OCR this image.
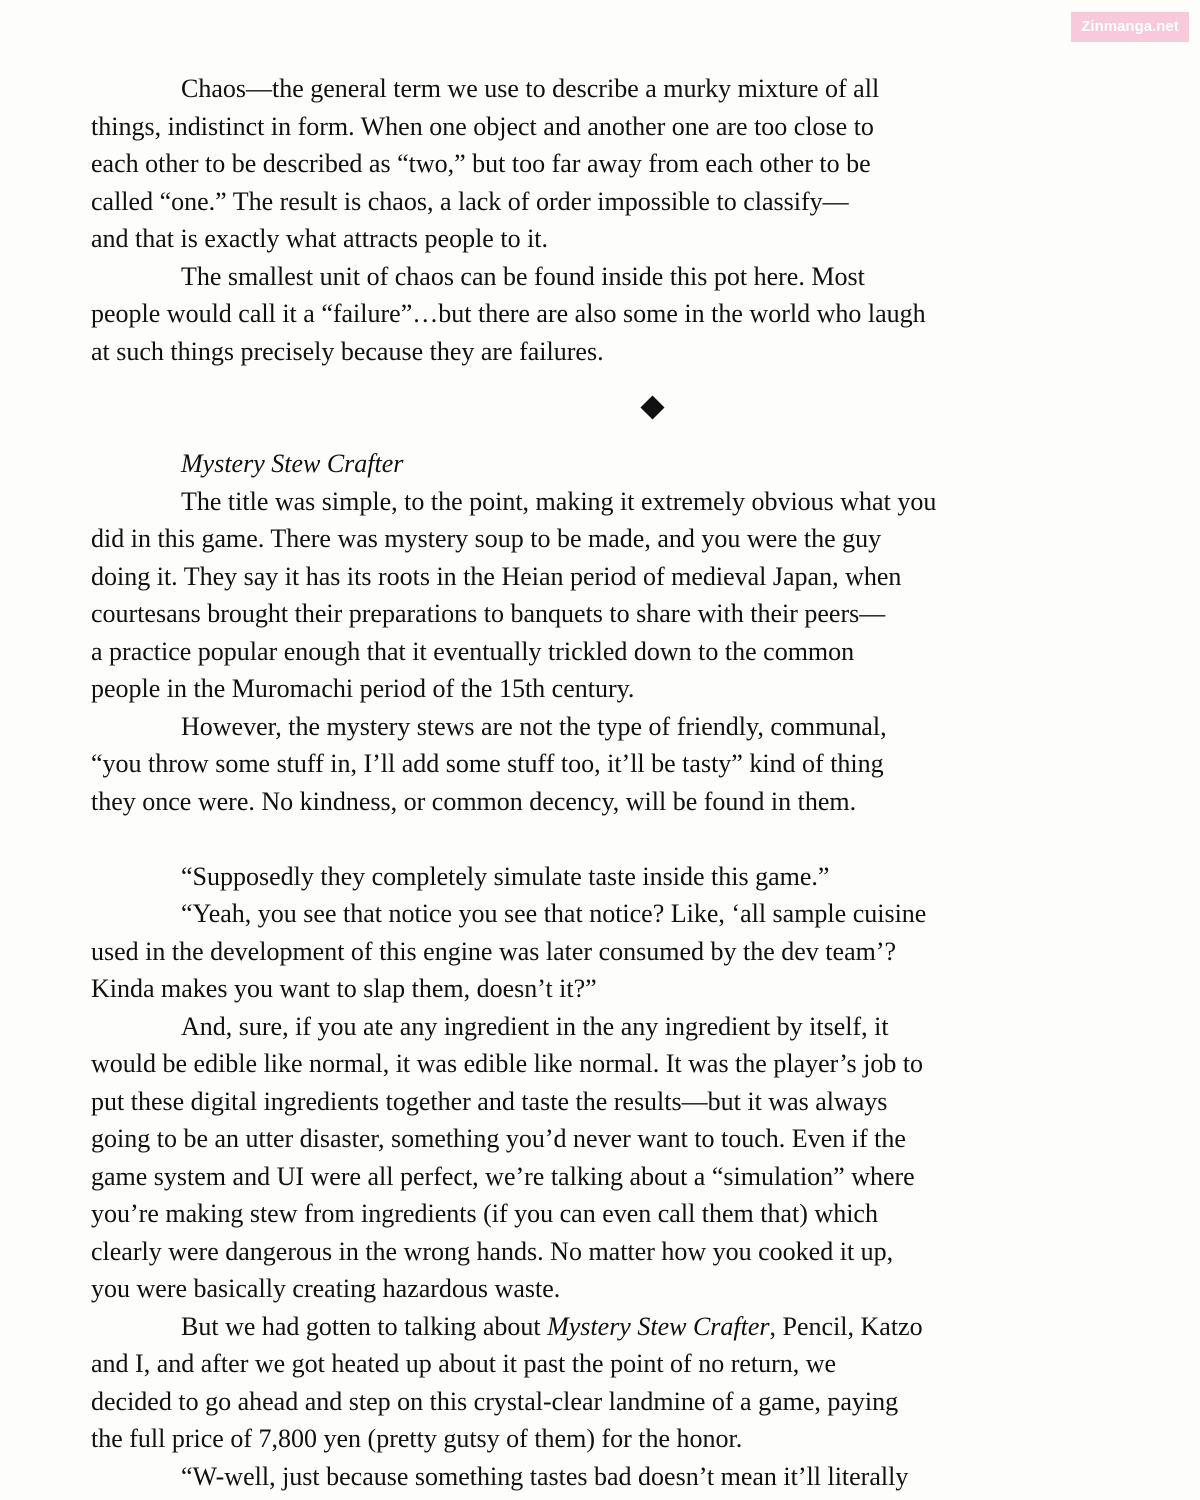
Zinmanga.net

Chaos—the general term we use to describe a murky mixture of all
things, indistinct in form. When one object and another one are too close to
each other to be described as “two,” but too far away from each other to be
called “one.” The result is chaos, a lack of order impossible to classify—
and that is exactly what attracts people to it.

The smallest unit of chaos can be found inside this pot here. Most
people would call it a “failure”…but there are also some in the world who laugh
at such things precisely because they are failures.

Mystery Stew Crafter

The title was simple, to the point, making it extremely obvious what you
did in this game. There was mystery soup to be made, and you were the guy
doing it. They say it has its roots in the Heian period of medieval Japan, when
courtesans brought their preparations to banquets to share with their peers—
a practice popular enough that it eventually trickled down to the common
people in the Muromachi period of the 15th century.

However, the mystery stews are not the type of friendly, communal,
“you throw some stuff in, I’ll add some stuff too, it’ll be tasty” kind of thing
they once were. No kindness, or common decency, will be found in them.

“Supposedly they completely simulate taste inside this game.”

“Yeah, you see that notice you see that notice? Like, ‘all sample cuisine
used in the development of this engine was later consumed by the dev team’?
Kinda makes you want to slap them, doesn’t it?”

And, sure, if you ate any ingredient in the any ingredient by itself, it
would be edible like normal, it was edible like normal. It was the player’s job to
put these digital ingredients together and taste the results—but it was always
going to be an utter disaster, something you’d never want to touch. Even if the
game system and UI were all perfect, we’re talking about a “simulation” where
you’re making stew from ingredients (if you can even call them that) which
clearly were dangerous in the wrong hands. No matter how you cooked it up,
you were basically creating hazardous waste.

But we had gotten to talking about Mystery Stew Crafter, Pencil, Katzo
and I, and after we got heated up about it past the point of no return, we
decided to go ahead and step on this crystal-clear landmine of a game, paying
the full price of 7,800 yen (pretty gutsy of them) for the honor.

“W-well, just because something tastes bad doesn’t mean it’ll literally
